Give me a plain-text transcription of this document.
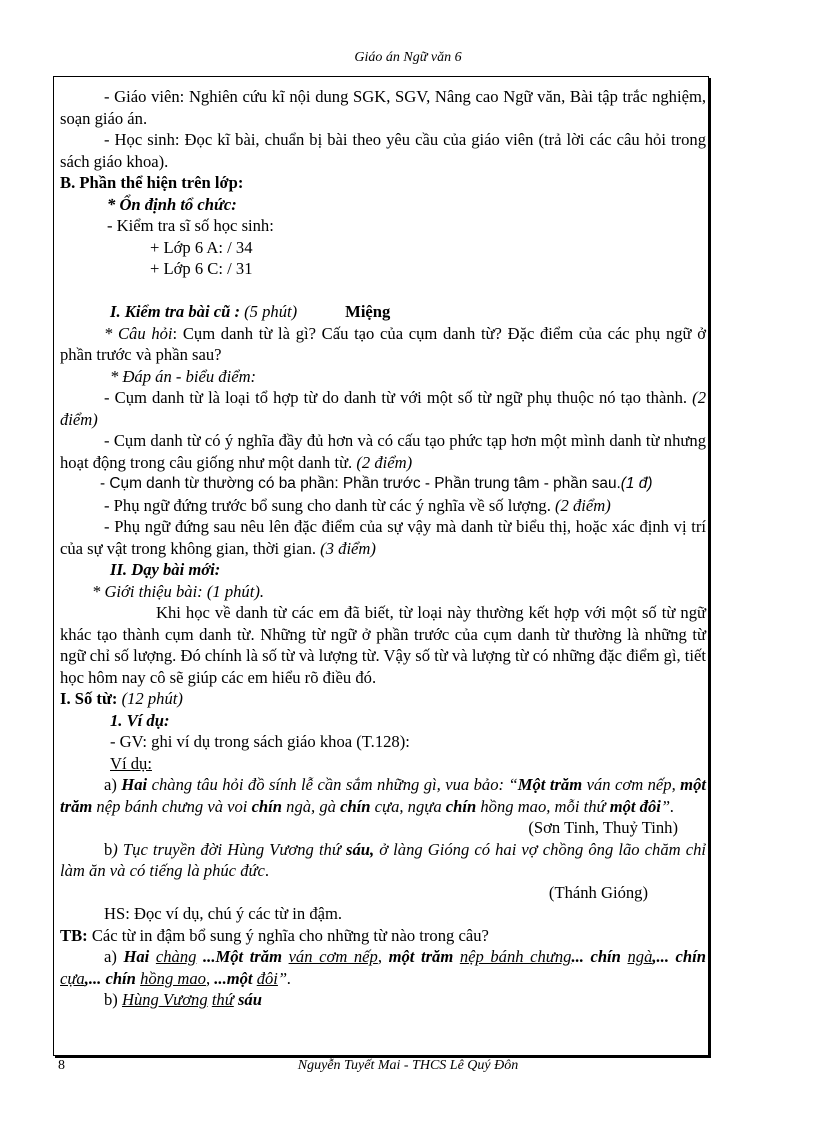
Giáo án Ngữ văn 6

- Giáo viên: Nghiên cứu kĩ nội dung SGK, SGV, Nâng cao Ngữ văn, Bài tập trắc nghiệm, soạn giáo án.

- Học sinh: Đọc kĩ bài, chuẩn bị bài theo yêu cầu của giáo viên (trả lời các câu hỏi trong sách giáo khoa).

B. Phần thể hiện trên lớp:

* Ổn định tổ chức:

- Kiểm tra sĩ số học sinh:

+ Lớp 6 A: / 34

+ Lớp 6 C: / 31

I. Kiểm tra bài cũ : (5 phút)	Miệng

* Câu hỏi: Cụm danh từ là gì? Cấu tạo của cụm danh từ? Đặc điểm của các phụ ngữ ở phần trước và phần sau?

* Đáp án - biểu điểm:

- Cụm danh từ là loại tổ hợp từ do danh từ với một số từ ngữ phụ thuộc nó tạo thành. (2 điểm)

- Cụm danh từ có ý nghĩa đầy đủ hơn và có cấu tạo phức tạp hơn một mình danh từ nhưng hoạt động trong câu giống như một danh từ. (2 điểm)

- Cụm danh từ thường có ba phần: Phần trước - Phần trung tâm - phần sau.(1 đ)

- Phụ ngữ đứng trước bổ sung cho danh từ các ý nghĩa về số lượng. (2 điểm)

- Phụ ngữ đứng sau nêu lên đặc điểm của sự vậy mà danh từ biểu thị, hoặc xác định vị trí của sự vật trong không gian, thời gian. (3 điểm)

II. Dạy bài mới:

* Giới thiệu bài: (1 phút).

Khi học về danh từ các em đã biết, từ loại này thường kết hợp với một số từ ngữ khác tạo thành cụm danh từ. Những từ ngữ ở phần trước của cụm danh từ thường là những từ ngữ chỉ số lượng. Đó chính là số từ và lượng từ. Vậy số từ và lượng từ có những đặc điểm gì, tiết học hôm nay cô sẽ giúp các em hiểu rõ điều đó.

I. Số từ: (12 phút)

1. Ví dụ:

- GV: ghi ví dụ trong sách giáo khoa (T.128):

Ví dụ:

a) Hai chàng tâu hỏi đồ sính lễ cần sắm những gì, vua bảo: “Một trăm ván cơm nếp, một trăm nệp bánh chưng và voi chín ngà, gà chín cựa, ngựa chín hồng mao, mỗi thứ một đôi”.

(Sơn Tinh, Thuỷ Tinh)

b) Tục truyền đời Hùng Vương thứ sáu, ở làng Gióng có hai vợ chồng ông lão chăm chỉ làm ăn và có tiếng là phúc đức.

(Thánh Gióng)

HS: Đọc ví dụ, chú ý các từ in đậm.

TB: Các từ in đậm bổ sung ý nghĩa cho những từ nào trong câu?

a) Hai chàng ...Một trăm ván cơm nếp, một trăm nệp bánh chưng... chín ngà,... chín cựa,... chín hồng mao, ...một đôi”.

b) Hùng Vương thứ sáu

8	Nguyễn Tuyết Mai - THCS Lê Quý Đôn
